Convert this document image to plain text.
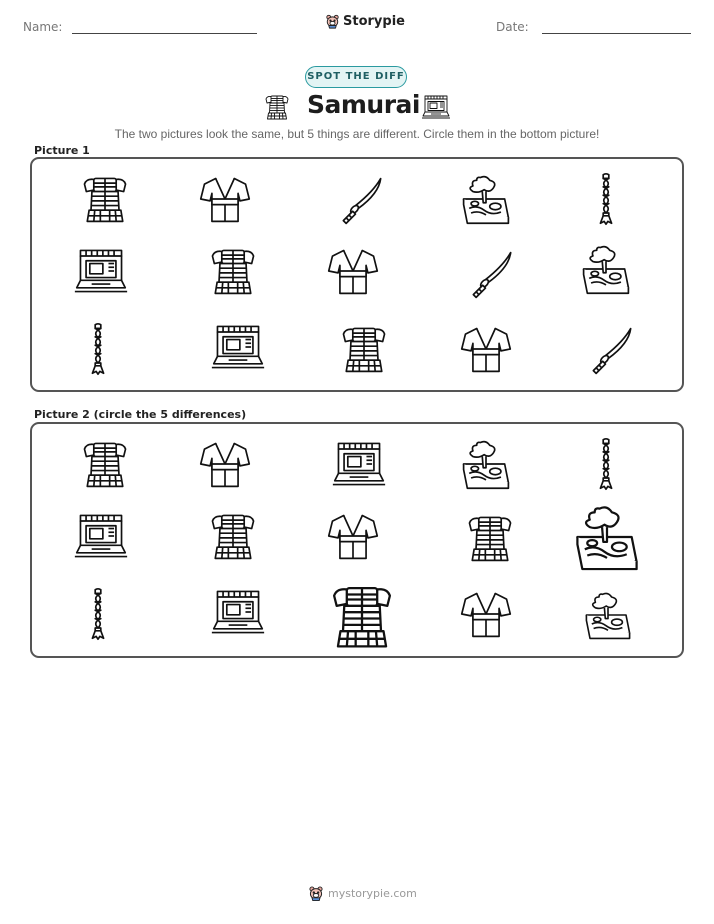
Name:	Storypie	Date:
SPOT THE DIFF
Samurai
The two pictures look the same, but 5 things are different. Circle them in the bottom picture!
Picture 1
Picture 2 (circle the 5 differences)
mystorypie.com
